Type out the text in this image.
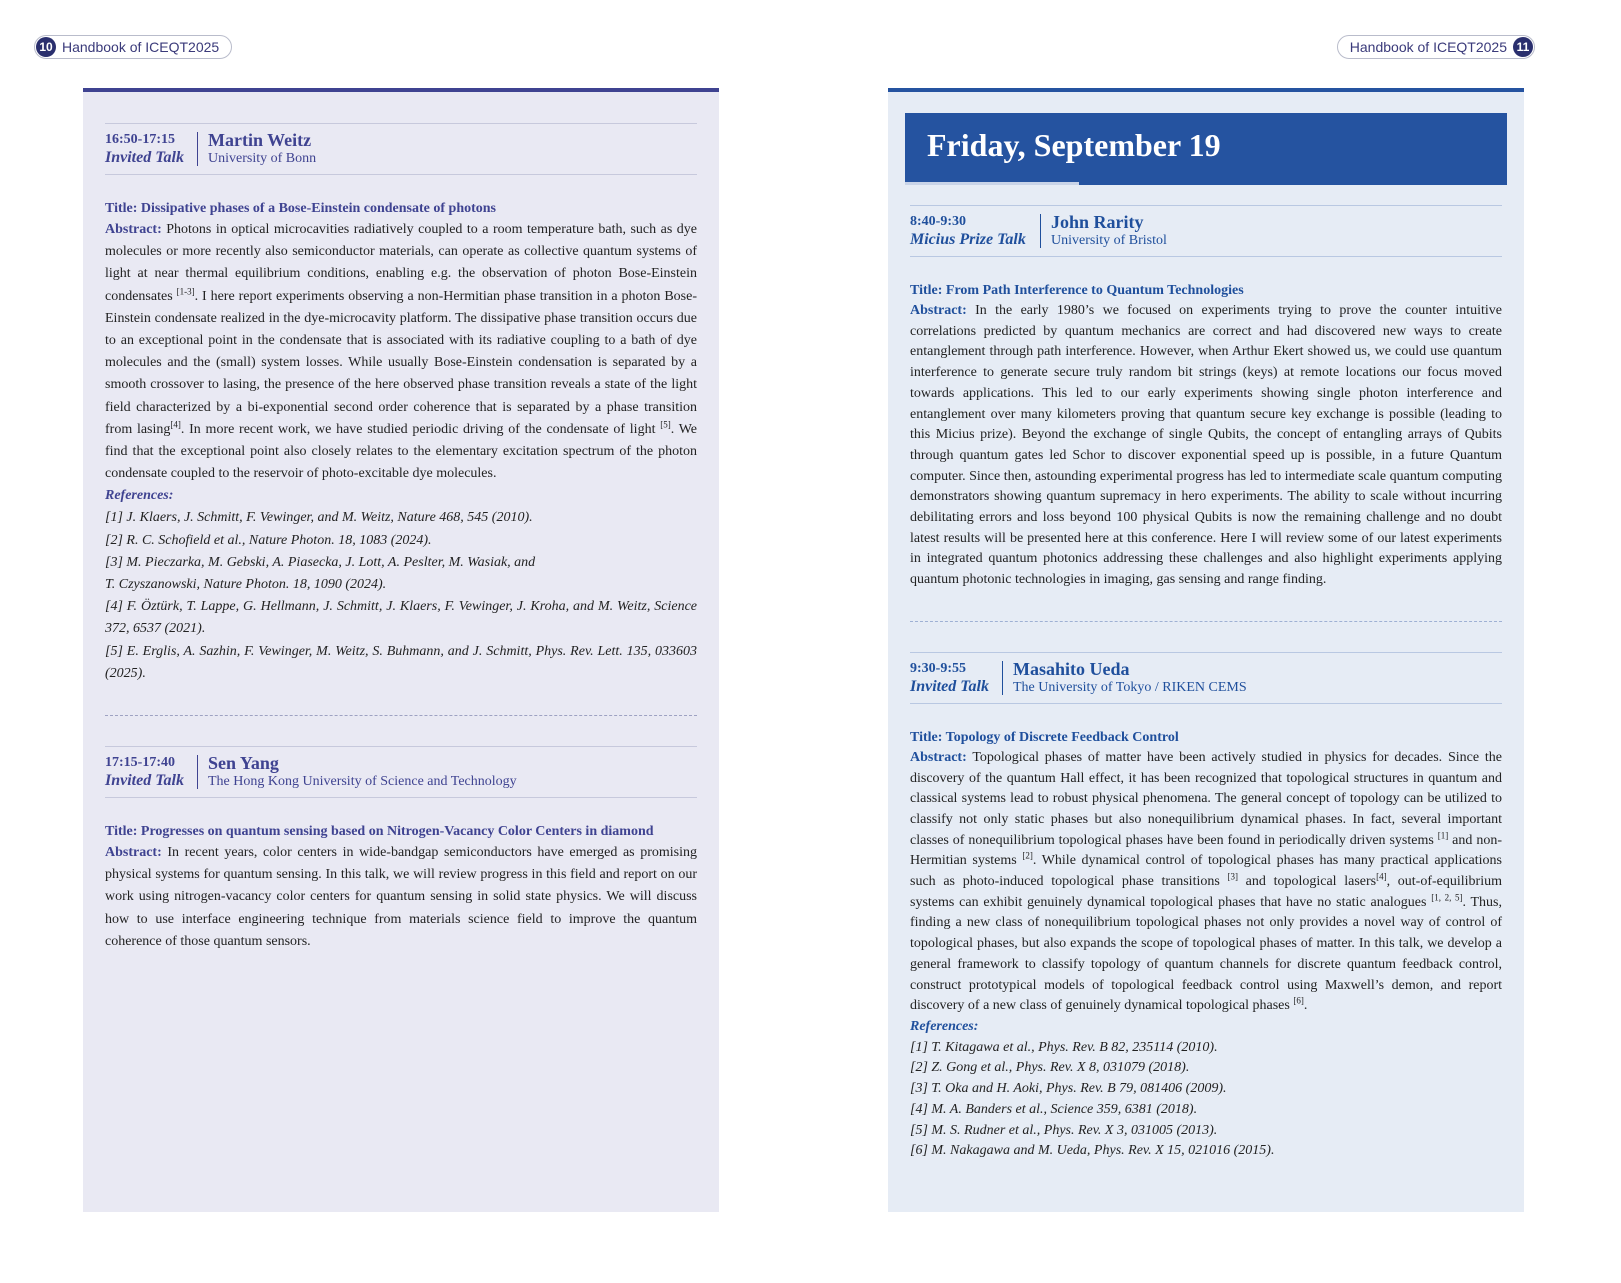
10 Handbook of ICEQT2025	Handbook of ICEQT2025 11
16:50-17:15
Invited Talk
Martin Weitz
University of Bonn
Title: Dissipative phases of a Bose-Einstein condensate of photons
Abstract: Photons in optical microcavities radiatively coupled to a room temperature bath, such as dye molecules or more recently also semiconductor materials, can operate as collective quantum systems of light at near thermal equilibrium conditions, enabling e.g. the observation of photon Bose-Einstein condensates [1-3]. I here report experiments observing a non-Hermitian phase transition in a photon Bose-Einstein condensate realized in the dye-microcavity platform. The dissipative phase transition occurs due to an exceptional point in the condensate that is associated with its radiative coupling to a bath of dye molecules and the (small) system losses. While usually Bose-Einstein condensation is separated by a smooth crossover to lasing, the presence of the here observed phase transition reveals a state of the light field characterized by a bi-exponential second order coherence that is separated by a phase transition from lasing[4]. In more recent work, we have studied periodic driving of the condensate of light [5]. We find that the exceptional point also closely relates to the elementary excitation spectrum of the photon condensate coupled to the reservoir of photo-excitable dye molecules.
References:
[1] J. Klaers, J. Schmitt, F. Vewinger, and M. Weitz, Nature 468, 545 (2010).
[2] R. C. Schofield et al., Nature Photon. 18, 1083 (2024).
[3] M. Pieczarka, M. Gebski, A. Piasecka, J. Lott, A. Peslter, M. Wasiak, and
T. Czyszanowski, Nature Photon. 18, 1090 (2024).
[4] F. Öztürk, T. Lappe, G. Hellmann, J. Schmitt, J. Klaers, F. Vewinger, J. Kroha, and M. Weitz, Science 372, 6537 (2021).
[5] E. Erglis, A. Sazhin, F. Vewinger, M. Weitz, S. Buhmann, and J. Schmitt, Phys. Rev. Lett. 135, 033603 (2025).
17:15-17:40
Invited Talk
Sen Yang
The Hong Kong University of Science and Technology
Title: Progresses on quantum sensing based on Nitrogen-Vacancy Color Centers in diamond
Abstract: In recent years, color centers in wide-bandgap semiconductors have emerged as promising physical systems for quantum sensing. In this talk, we will review progress in this field and report on our work using nitrogen-vacancy color centers for quantum sensing in solid state physics. We will discuss how to use interface engineering technique from materials science field to improve the quantum coherence of those quantum sensors.
Friday, September 19
8:40-9:30
Micius Prize Talk
John Rarity
University of Bristol
Title: From Path Interference to Quantum Technologies
Abstract: In the early 1980’s we focused on experiments trying to prove the counter intuitive correlations predicted by quantum mechanics are correct and had discovered new ways to create entanglement through path interference. However, when Arthur Ekert showed us, we could use quantum interference to generate secure truly random bit strings (keys) at remote locations our focus moved towards applications. This led to our early experiments showing single photon interference and entanglement over many kilometers proving that quantum secure key exchange is possible (leading to this Micius prize). Beyond the exchange of single Qubits, the concept of entangling arrays of Qubits through quantum gates led Schor to discover exponential speed up is possible, in a future Quantum computer. Since then, astounding experimental progress has led to intermediate scale quantum computing demonstrators showing quantum supremacy in hero experiments. The ability to scale without incurring debilitating errors and loss beyond 100 physical Qubits is now the remaining challenge and no doubt latest results will be presented here at this conference. Here I will review some of our latest experiments in integrated quantum photonics addressing these challenges and also highlight experiments applying quantum photonic technologies in imaging, gas sensing and range finding.
9:30-9:55
Invited Talk
Masahito Ueda
The University of Tokyo / RIKEN CEMS
Title: Topology of Discrete Feedback Control
Abstract: Topological phases of matter have been actively studied in physics for decades. Since the discovery of the quantum Hall effect, it has been recognized that topological structures in quantum and classical systems lead to robust physical phenomena. The general concept of topology can be utilized to classify not only static phases but also nonequilibrium dynamical phases. In fact, several important classes of nonequilibrium topological phases have been found in periodically driven systems [1] and non-Hermitian systems [2]. While dynamical control of topological phases has many practical applications such as photo-induced topological phase transitions [3] and topological lasers[4], out-of-equilibrium systems can exhibit genuinely dynamical topological phases that have no static analogues [1, 2, 5]. Thus, finding a new class of nonequilibrium topological phases not only provides a novel way of control of topological phases, but also expands the scope of topological phases of matter. In this talk, we develop a general framework to classify topology of quantum channels for discrete quantum feedback control, construct prototypical models of topological feedback control using Maxwell’s demon, and report discovery of a new class of genuinely dynamical topological phases [6].
References:
[1] T. Kitagawa et al., Phys. Rev. B 82, 235114 (2010).
[2] Z. Gong et al., Phys. Rev. X 8, 031079 (2018).
[3] T. Oka and H. Aoki, Phys. Rev. B 79, 081406 (2009).
[4] M. A. Banders et al., Science 359, 6381 (2018).
[5] M. S. Rudner et al., Phys. Rev. X 3, 031005 (2013).
[6] M. Nakagawa and M. Ueda, Phys. Rev. X 15, 021016 (2015).
